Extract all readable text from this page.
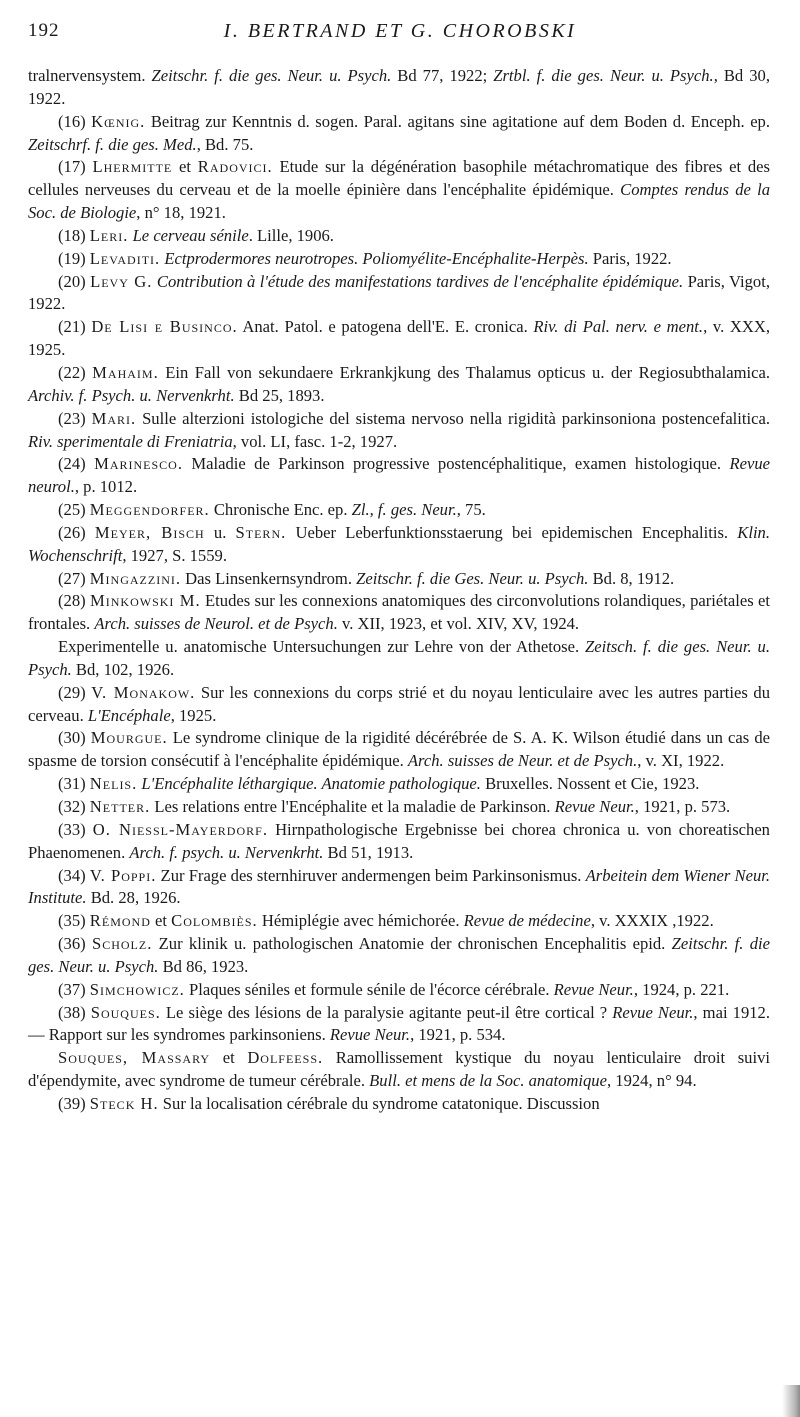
192	I. BERTRAND ET G. CHOROBSKI

tralnervensystem. Zeitschr. f. die ges. Neur. u. Psych. Bd 77, 1922; Zrtbl. f. die ges. Neur. u. Psych., Bd 30, 1922.

(16) Kœnig. Beitrag zur Kenntnis d. sogen. Paral. agitans sine agitatione auf dem Boden d. Enceph. ep. Zeitschrf. f. die ges. Med., Bd. 75.

(17) Lhermitte et Radovici. Etude sur la dégénération basophile métachromatique des fibres et des cellules nerveuses du cerveau et de la moelle épinière dans l'encéphalite épidémique. Comptes rendus de la Soc. de Biologie, n° 18, 1921.

(18) Leri. Le cerveau sénile. Lille, 1906.

(19) Levaditi. Ectprodermores neurotropes. Poliomyélite-Encéphalite-Herpès. Paris, 1922.

(20) Levy G. Contribution à l'étude des manifestations tardives de l'encéphalite épidémique. Paris, Vigot, 1922.

(21) De Lisi e Businco. Anat. Patol. e patogena dell'E. E. cronica. Riv. di Pal. nerv. e ment., v. XXX, 1925.

(22) Mahaim. Ein Fall von sekundaere Erkrankjkung des Thalamus opticus u. der Regiosubthalamica. Archiv. f. Psych. u. Nervenkrht. Bd 25, 1893.

(23) Mari. Sulle alterzioni istologiche del sistema nervoso nella rigidità parkinsoniona postencefalitica. Riv. sperimentale di Freniatria, vol. LI, fasc. 1-2, 1927.

(24) Marinesco. Maladie de Parkinson progressive postencéphalitique, examen histologique. Revue neurol., p. 1012.

(25) Meggendorfer. Chronische Enc. ep. Zl., f. ges. Neur., 75.

(26) Meyer, Bisch u. Stern. Ueber Leberfunktionsstaerung bei epidemischen Encephalitis. Klin. Wochenschrift, 1927, S. 1559.

(27) Mingazzini. Das Linsenkernsyndrom. Zeitschr. f. die Ges. Neur. u. Psych. Bd. 8, 1912.

(28) Minkowski M. Etudes sur les connexions anatomiques des circonvolutions rolandiques, pariétales et frontales. Arch. suisses de Neurol. et de Psych. v. XII, 1923, et vol. XIV, XV, 1924.

Experimentelle u. anatomische Untersuchungen zur Lehre von der Athetose. Zeitsch. f. die ges. Neur. u. Psych. Bd, 102, 1926.

(29) V. Monakow. Sur les connexions du corps strié et du noyau lenticulaire avec les autres parties du cerveau. L'Encéphale, 1925.

(30) Mourgue. Le syndrome clinique de la rigidité décérébrée de S. A. K. Wilson étudié dans un cas de spasme de torsion consécutif à l'encéphalite épidémique. Arch. suisses de Neur. et de Psych., v. XI, 1922.

(31) Nelis. L'Encéphalite léthargique. Anatomie pathologique. Bruxelles. Nossent et Cie, 1923.

(32) Netter. Les relations entre l'Encéphalite et la maladie de Parkinson. Revue Neur., 1921, p. 573.

(33) O. Niessl-Mayerdorf. Hirnpathologische Ergebnisse bei chorea chronica u. von choreatischen Phaenomenen. Arch. f. psych. u. Nervenkrht. Bd 51, 1913.

(34) V. Poppi. Zur Frage des sternhiruver andermengen beim Parkinsonismus. Arbeitein dem Wiener Neur. Institute. Bd. 28, 1926.

(35) Rémond et Colombiès. Hémiplégie avec hémichorée. Revue de médecine, v. XXXIX ,1922.

(36) Scholz. Zur klinik u. pathologischen Anatomie der chronischen Encephalitis epid. Zeitschr. f. die ges. Neur. u. Psych. Bd 86, 1923.

(37) Simchowicz. Plaques séniles et formule sénile de l'écorce cérébrale. Revue Neur., 1924, p. 221.

(38) Souques. Le siège des lésions de la paralysie agitante peut-il être cortical ? Revue Neur., mai 1912. — Rapport sur les syndromes parkinsoniens. Revue Neur., 1921, p. 534.

Souques, Massary et Dolfeess. Ramollissement kystique du noyau lenticulaire droit suivi d'épendymite, avec syndrome de tumeur cérébrale. Bull. et mens de la Soc. anatomique, 1924, n° 94.

(39) Steck H. Sur la localisation cérébrale du syndrome catatonique. Discussion
